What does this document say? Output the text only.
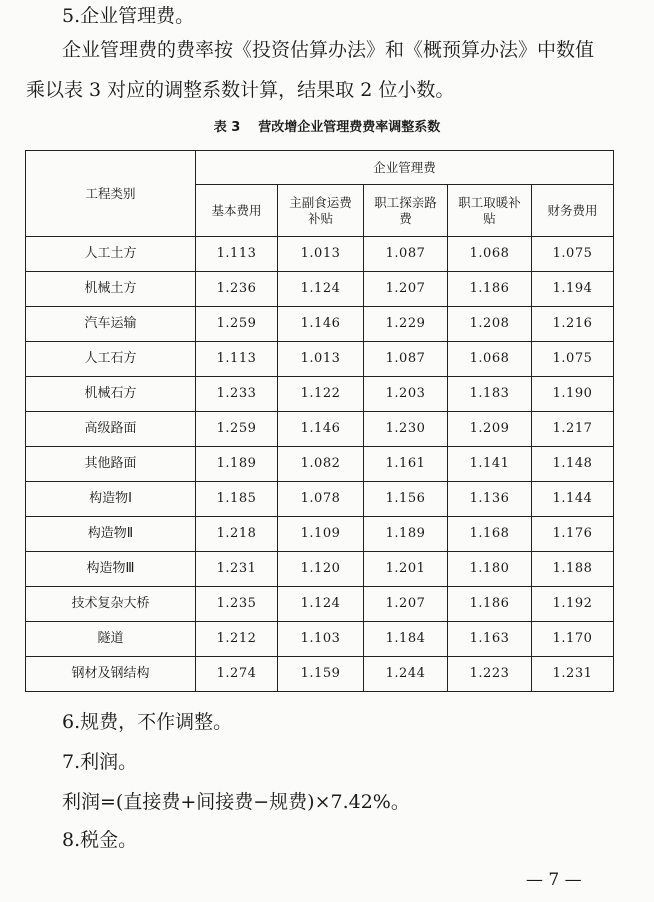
5.企业管理费。
企业管理费的费率按《投资估算办法》和《概预算办法》中数值
乘以表 3 对应的调整系数计算，结果取 2 位小数。
表 3 营改增企业管理费费率调整系数
工程类别	企业管理费				
	基本费用	主副食运费补贴	职工探亲路费	职工取暖补贴	财务费用
人工土方	1.113	1.013	1.087	1.068	1.075
机械土方	1.236	1.124	1.207	1.186	1.194
汽车运输	1.259	1.146	1.229	1.208	1.216
人工石方	1.113	1.013	1.087	1.068	1.075
机械石方	1.233	1.122	1.203	1.183	1.190
高级路面	1.259	1.146	1.230	1.209	1.217
其他路面	1.189	1.082	1.161	1.141	1.148
构造物Ⅰ	1.185	1.078	1.156	1.136	1.144
构造物Ⅱ	1.218	1.109	1.189	1.168	1.176
构造物Ⅲ	1.231	1.120	1.201	1.180	1.188
技术复杂大桥	1.235	1.124	1.207	1.186	1.192
隧道	1.212	1.103	1.184	1.163	1.170
钢材及钢结构	1.274	1.159	1.244	1.223	1.231
6.规费，不作调整。
7.利润。
利润=(直接费+间接费−规费)×7.42%。
8.税金。
— 7 —
